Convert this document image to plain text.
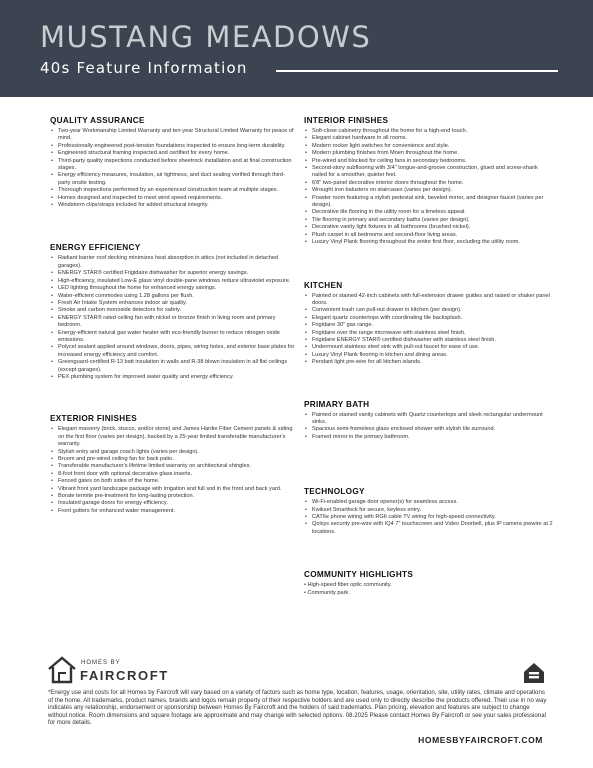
MUSTANG MEADOWS
40s Feature Information
QUALITY ASSURANCE
• Two-year Workmanship Limited Warranty and ten-year Structural Limited Warranty for peace of mind.
• Professionally engineered post-tension foundations inspected to ensure long-term durability.
• Engineered structural framing inspected and certified for every home.
• Third-party quality inspections conducted before sheetrock installation and at final construction stages.
• Energy efficiency measures, insulation, air tightness, and duct sealing verified through third-party onsite testing.
• Thorough inspections performed by an experienced construction team at multiple stages.
• Homes designed and inspected to meet wind speed requirements.
• Windstorm clips/straps included for added structural integrity.
ENERGY EFFICIENCY
• Radiant barrier roof decking minimizes heat absorption in attics (not included in detached garages).
• ENERGY STAR® certified Frigidaire dishwasher for superior energy savings.
• High-efficiency, insulated Low-E glass vinyl double-pane windows reduce ultraviolet exposure.
• LED lighting throughout the home for enhanced energy savings.
• Water-efficient commodes using 1.28 gallons per flush.
• Fresh Air Intake System enhances indoor air quality.
• Smoke and carbon monoxide detectors for safety.
• ENERGY STAR® rated ceiling fan with nickel or bronze finish in living room and primary bedroom.
• Energy-efficient natural gas water heater with eco-friendly burner to reduce nitrogen oxide emissions.
• Polycel sealant applied around windows, doors, pipes, wiring holes, and exterior base plates for increased energy efficiency and comfort.
• Greenguard-certified R-13 batt insulation in walls and R-38 blown insulation in all flat ceilings (except garages).
• PEX plumbing system for improved water quality and energy efficiency.
EXTERIOR FINISHES
• Elegant masonry (brick, stucco, and/or stone) and James Hardie Fiber Cement panels & siding on the first floor (varies per design), backed by a 25-year limited transferable manufacturer's warranty.
• Stylish entry and garage coach lights (varies per design).
• Broom and pre-wired ceiling fan for back patio.
• Transferable manufacturer's lifetime limited warranty on architectural shingles.
• 8-foot front door with optional decorative glass inserts.
• Fenced gates on both sides of the home.
• Vibrant front yard landscape package with irrigation and full sod in the front and back yard.
• Borate termite pre-treatment for long-lasting protection.
• Insulated garage doors for energy efficiency.
• Front gutters for enhanced water management.
INTERIOR FINISHES
• Soft-close cabinetry throughout the home for a high-end touch.
• Elegant cabinet hardware in all rooms.
• Modern rocker light switches for convenience and style.
• Modern plumbing finishes from Moen throughout the home.
• Pre-wired and blocked for ceiling fans in secondary bedrooms.
• Second-story subflooring with 3/4" tongue-and-groove construction, glued and screw-shank nailed for a smoother, quieter feel.
• 6'8" two-panel decorative interior doors throughout the home.
• Wrought iron balusters on staircases (varies per design).
• Powder room featuring a stylish pedestal sink, beveled mirror, and designer faucet (varies per design).
• Decorative tile flooring in the utility room for a timeless appeal.
• Tile flooring in primary and secondary baths (varies per design).
• Decorative vanity light fixtures in all bathrooms (brushed nickel).
• Plush carpet in all bedrooms and second-floor living areas.
• Luxury Vinyl Plank flooring throughout the entire first floor, excluding the utility room.
KITCHEN
• Painted or stained 42-inch cabinets with full-extension drawer guides and raised or shaker panel doors.
• Convenient trash can pull-out drawer in kitchen (per design).
• Elegant quartz countertops with coordinating tile backsplash.
• Frigidaire 30" gas range.
• Frigidaire over the range microwave with stainless steel finish.
• Frigidaire ENERGY STAR® certified dishwasher with stainless steel finish.
• Undermount stainless steel sink with pull-out faucet for ease of use.
• Luxury Vinyl Plank flooring in kitchen and dining areas.
• Pendant light pre-wire for all kitchen islands.
PRIMARY BATH
• Painted or stained vanity cabinets with Quartz countertops and sleek rectangular undermount sinks.
• Spacious semi-frameless glass enclosed shower with stylish tile surround.
• Framed mirror in the primary bathroom.
TECHNOLOGY
• Wi-Fi-enabled garage door opener(s) for seamless access.
• Kwikset Smartlock for secure, keyless entry.
• CAT6e phone wiring with RG6 cable TV wiring for high-speed connectivity.
• Qolsys security pre-wire with IQ4 7" touchscreen and Video Doorbell, plus IP camera prewire at 2 locations.
COMMUNITY HIGHLIGHTS
• High-speed fiber optic community.
• Community park.
HOMES BY
FAIRCROFT
*Energy use and costs for all Homes by Faircroft will vary based on a variety of factors such as home type, location, features, usage, orientation, site, utility rates, climate and operations of the home. All trademarks, product names, brands and logos remain property of their respective holders and are used only to directly describe the products offered. Their use in no way indicates any relationship, endorsement or sponsorship between Homes By Faircroft and the holders of said trademarks. Plan pricing, elevation and features are subject to change without notice. Room dimensions and square footage are approximate and may change with selected options. 08.2025 Please contact Homes By Faircroft or see your sales professional for more details.
HOMESBYFAIRCROFT.COM
